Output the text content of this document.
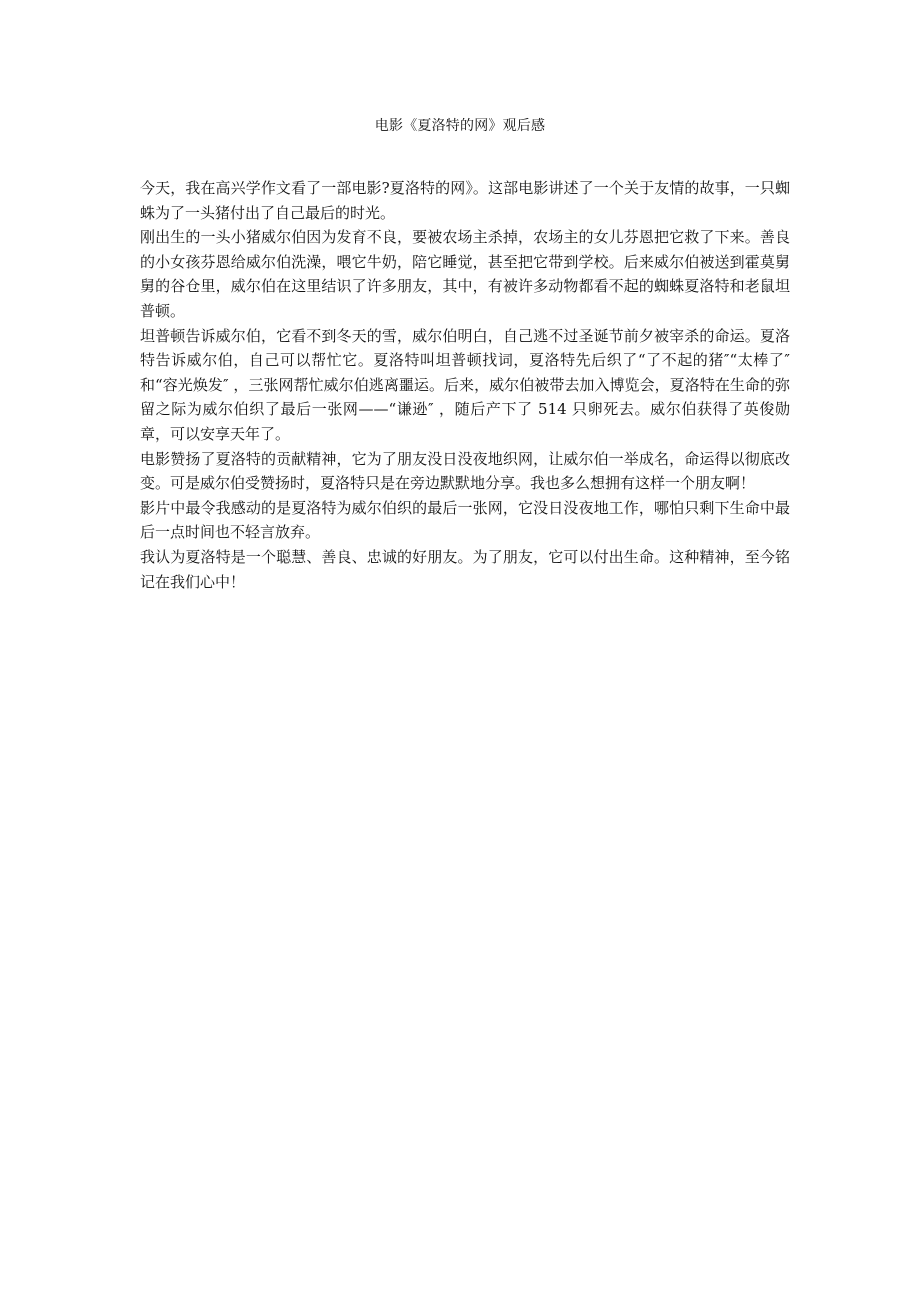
电影《夏洛特的网》观后感

今天，我在高兴学作文看了一部电影?夏洛特的网》。这部电影讲述了一个关于友情的故事，一只蜘蛛为了一头猪付出了自己最后的时光。

刚出生的一头小猪威尔伯因为发育不良，要被农场主杀掉，农场主的女儿芬恩把它救了下来。善良的小女孩芬恩给威尔伯洗澡，喂它牛奶，陪它睡觉，甚至把它带到学校。后来威尔伯被送到霍莫舅舅的谷仓里，威尔伯在这里结识了许多朋友，其中，有被许多动物都看不起的蜘蛛夏洛特和老鼠坦普顿。

坦普顿告诉威尔伯，它看不到冬天的雪，威尔伯明白，自己逃不过圣诞节前夕被宰杀的命运。夏洛特告诉威尔伯，自己可以帮忙它。夏洛特叫坦普顿找词，夏洛特先后织了“了不起的猪″“太棒了″ 和“容光焕发″ ，三张网帮忙威尔伯逃离噩运。后来，威尔伯被带去加入博览会，夏洛特在生命的弥留之际为威尔伯织了最后一张网——“谦逊″ ，随后产下了 514 只卵死去。威尔伯获得了英俊勋章，可以安享天年了。

电影赞扬了夏洛特的贡献精神，它为了朋友没日没夜地织网，让威尔伯一举成名，命运得以彻底改变。可是威尔伯受赞扬时，夏洛特只是在旁边默默地分享。我也多么想拥有这样一个朋友啊！

影片中最令我感动的是夏洛特为威尔伯织的最后一张网，它没日没夜地工作，哪怕只剩下生命中最后一点时间也不轻言放弃。

我认为夏洛特是一个聪慧、善良、忠诚的好朋友。为了朋友，它可以付出生命。这种精神，至今铭记在我们心中！
